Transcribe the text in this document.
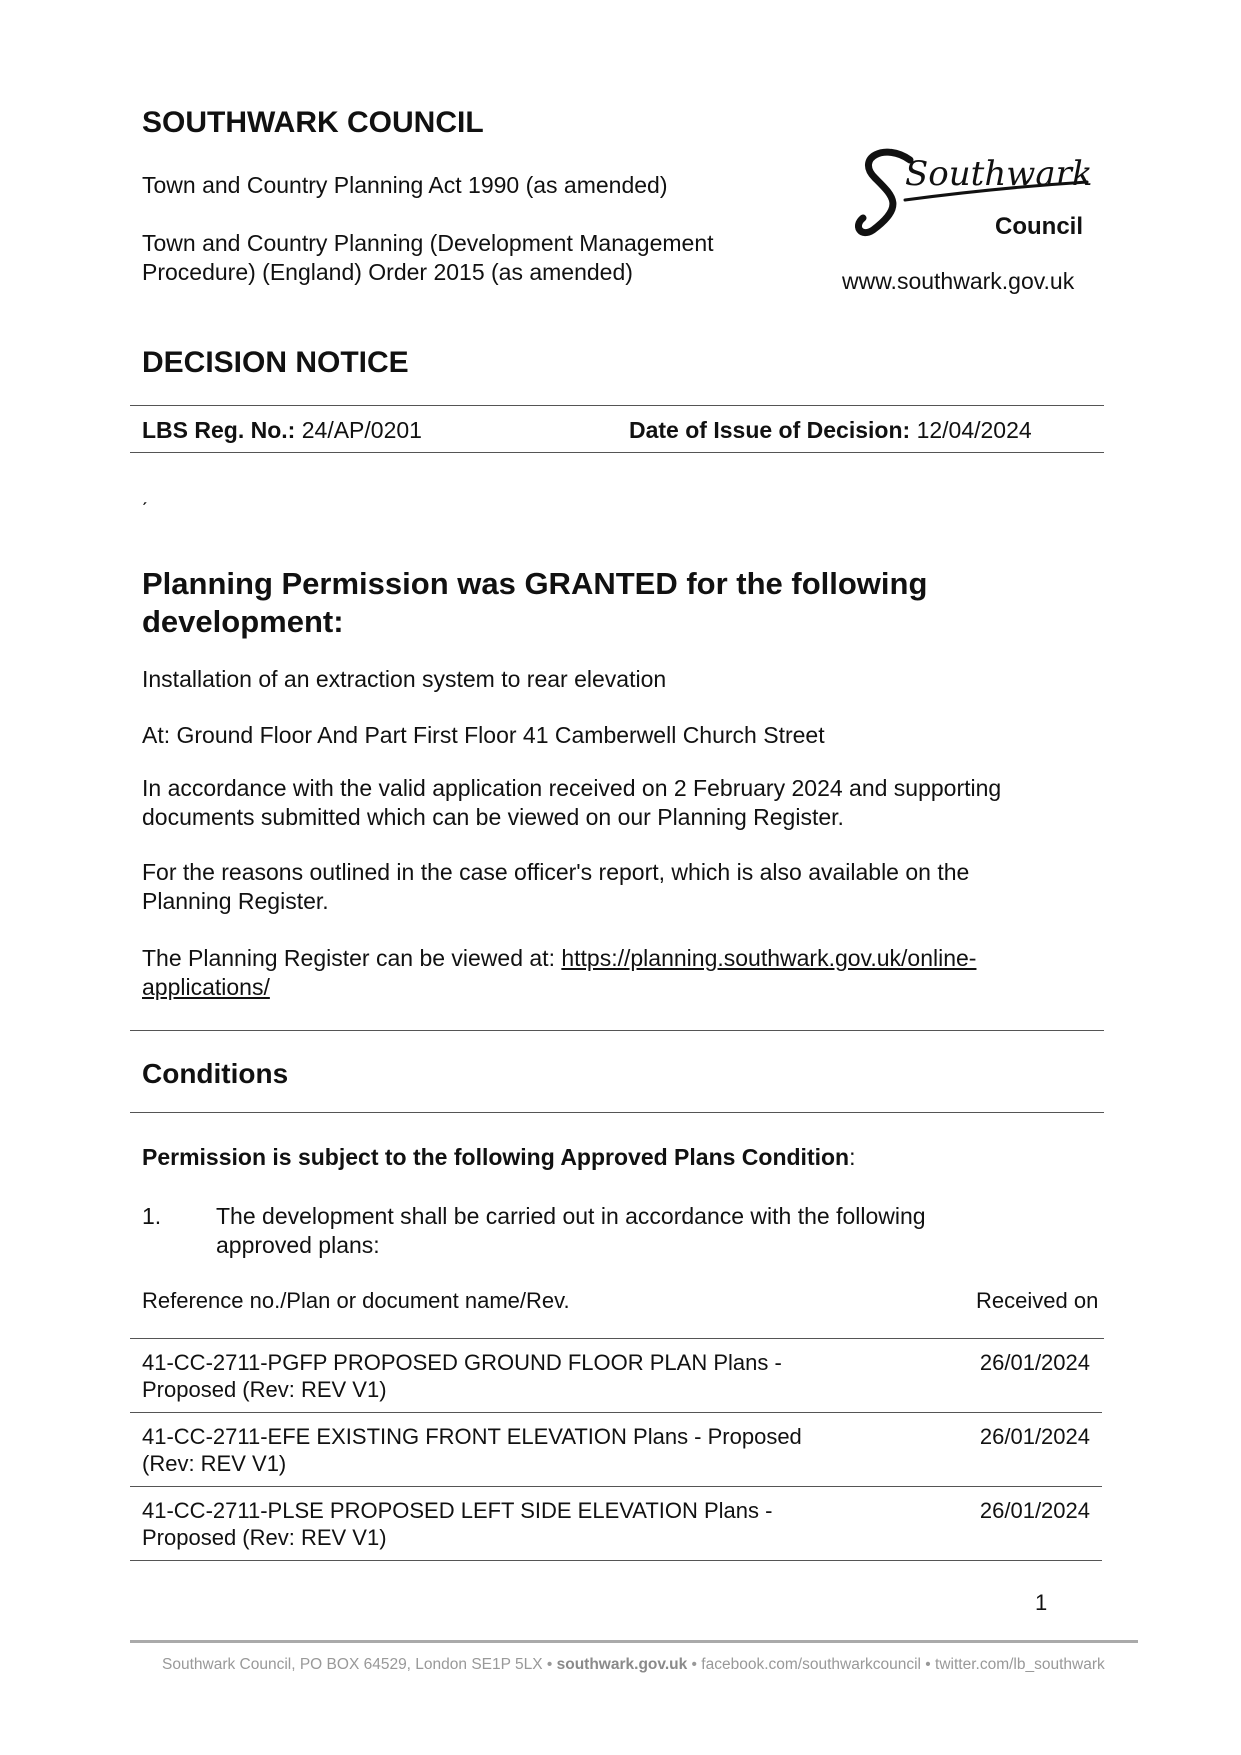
SOUTHWARK COUNCIL
Town and Country Planning Act 1990 (as amended)
Town and Country Planning (Development Management
Procedure) (England) Order 2015 (as amended)
Southwark
Council
www.southwark.gov.uk
DECISION NOTICE
LBS Reg. No.: 24/AP/0201	Date of Issue of Decision: 12/04/2024
ˏ
Planning Permission was GRANTED for the following
development:
Installation of an extraction system to rear elevation
At: Ground Floor And Part First Floor 41 Camberwell Church Street
In accordance with the valid application received on 2 February 2024 and supporting
documents submitted which can be viewed on our Planning Register.
For the reasons outlined in the case officer's report, which is also available on the
Planning Register.
The Planning Register can be viewed at: https://planning.southwark.gov.uk/online-
applications/
Conditions
Permission is subject to the following Approved Plans Condition:
1. The development shall be carried out in accordance with the following
approved plans:
Reference no./Plan or document name/Rev.	Received on
41-CC-2711-PGFP PROPOSED GROUND FLOOR PLAN Plans -
Proposed (Rev: REV V1)	26/01/2024

41-CC-2711-EFE EXISTING FRONT ELEVATION Plans - Proposed
(Rev: REV V1)	26/01/2024

41-CC-2711-PLSE PROPOSED LEFT SIDE ELEVATION Plans -
Proposed (Rev: REV V1)	26/01/2024
1
Southwark Council, PO BOX 64529, London SE1P 5LX • southwark.gov.uk • facebook.com/southwarkcouncil • twitter.com/lb_southwark
